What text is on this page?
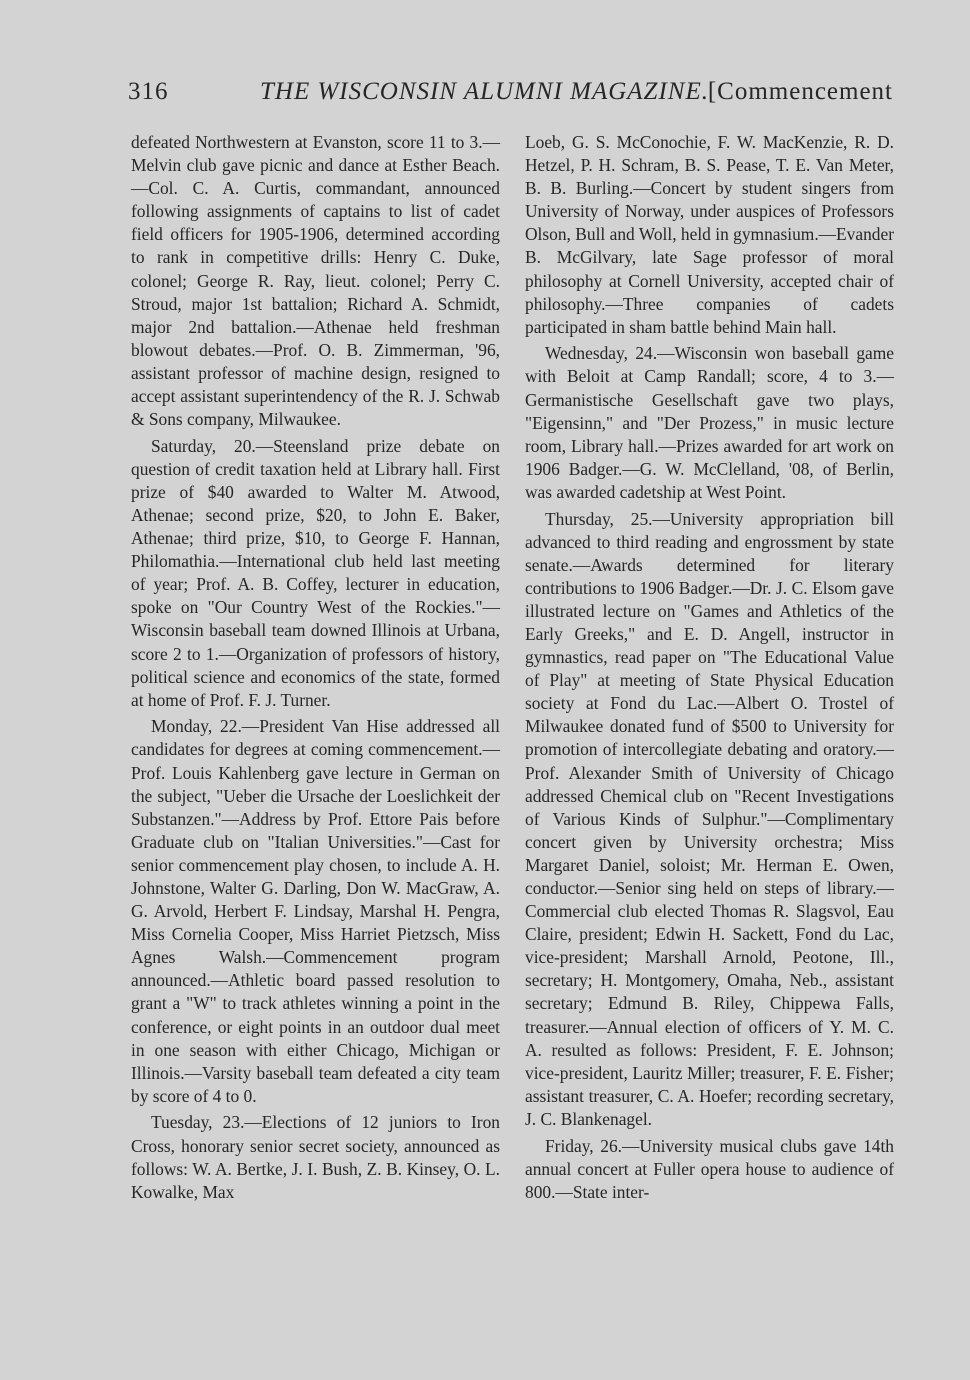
316	THE WISCONSIN ALUMNI MAGAZINE.
[Commencement

defeated Northwestern at Evanston, score 11 to 3.—Melvin club gave picnic and dance at Esther Beach.—Col. C. A. Curtis, commandant, announced following assignments of captains to list of cadet field officers for 1905-1906, determined according to rank in competitive drills: Henry C. Duke, colonel; George R. Ray, lieut. colonel; Perry C. Stroud, major 1st battalion; Richard A. Schmidt, major 2nd battalion.—Athenae held freshman blowout debates.—Prof. O. B. Zimmerman, '96, assistant professor of machine design, resigned to accept assistant superintendency of the R. J. Schwab & Sons company, Milwaukee.

Saturday, 20.—Steensland prize debate on question of credit taxation held at Library hall. First prize of $40 awarded to Walter M. Atwood, Athenae; second prize, $20, to John E. Baker, Athenae; third prize, $10, to George F. Hannan, Philomathia.—International club held last meeting of year; Prof. A. B. Coffey, lecturer in education, spoke on "Our Country West of the Rockies."—Wisconsin baseball team downed Illinois at Urbana, score 2 to 1.—Organization of professors of history, political science and economics of the state, formed at home of Prof. F. J. Turner.

Monday, 22.—President Van Hise addressed all candidates for degrees at coming commencement.—Prof. Louis Kahlenberg gave lecture in German on the subject, "Ueber die Ursache der Loeslichkeit der Substanzen."—Address by Prof. Ettore Pais before Graduate club on "Italian Universities."—Cast for senior commencement play chosen, to include A. H. Johnstone, Walter G. Darling, Don W. MacGraw, A. G. Arvold, Herbert F. Lindsay, Marshal H. Pengra, Miss Cornelia Cooper, Miss Harriet Pietzsch, Miss Agnes Walsh.—Commencement program announced.—Athletic board passed resolution to grant a "W" to track athletes winning a point in the conference, or eight points in an outdoor dual meet in one season with either Chicago, Michigan or Illinois.—Varsity baseball team defeated a city team by score of 4 to 0.

Tuesday, 23.—Elections of 12 juniors to Iron Cross, honorary senior secret society, announced as follows: W. A. Bertke, J. I. Bush, Z. B. Kinsey, O. L. Kowalke, Max

Loeb, G. S. McConochie, F. W. MacKenzie, R. D. Hetzel, P. H. Schram, B. S. Pease, T. E. Van Meter, B. B. Burling.—Concert by student singers from University of Norway, under auspices of Professors Olson, Bull and Woll, held in gymnasium.—Evander B. McGilvary, late Sage professor of moral philosophy at Cornell University, accepted chair of philosophy.—Three companies of cadets participated in sham battle behind Main hall.

Wednesday, 24.—Wisconsin won baseball game with Beloit at Camp Randall; score, 4 to 3.—Germanistische Gesellschaft gave two plays, "Eigensinn," and "Der Prozess," in music lecture room, Library hall.—Prizes awarded for art work on 1906 Badger.—G. W. McClelland, '08, of Berlin, was awarded cadetship at West Point.

Thursday, 25.—University appropriation bill advanced to third reading and engrossment by state senate.—Awards determined for literary contributions to 1906 Badger.—Dr. J. C. Elsom gave illustrated lecture on "Games and Athletics of the Early Greeks," and E. D. Angell, instructor in gymnastics, read paper on "The Educational Value of Play" at meeting of State Physical Education society at Fond du Lac.—Albert O. Trostel of Milwaukee donated fund of $500 to University for promotion of intercollegiate debating and oratory.—Prof. Alexander Smith of University of Chicago addressed Chemical club on "Recent Investigations of Various Kinds of Sulphur."—Complimentary concert given by University orchestra; Miss Margaret Daniel, soloist; Mr. Herman E. Owen, conductor.—Senior sing held on steps of library.—Commercial club elected Thomas R. Slagsvol, Eau Claire, president; Edwin H. Sackett, Fond du Lac, vice-president; Marshall Arnold, Peotone, Ill., secretary; H. Montgomery, Omaha, Neb., assistant secretary; Edmund B. Riley, Chippewa Falls, treasurer.—Annual election of officers of Y. M. C. A. resulted as follows: President, F. E. Johnson; vice-president, Lauritz Miller; treasurer, F. E. Fisher; assistant treasurer, C. A. Hoefer; recording secretary, J. C. Blankenagel.

Friday, 26.—University musical clubs gave 14th annual concert at Fuller opera house to audience of 800.—State inter-
